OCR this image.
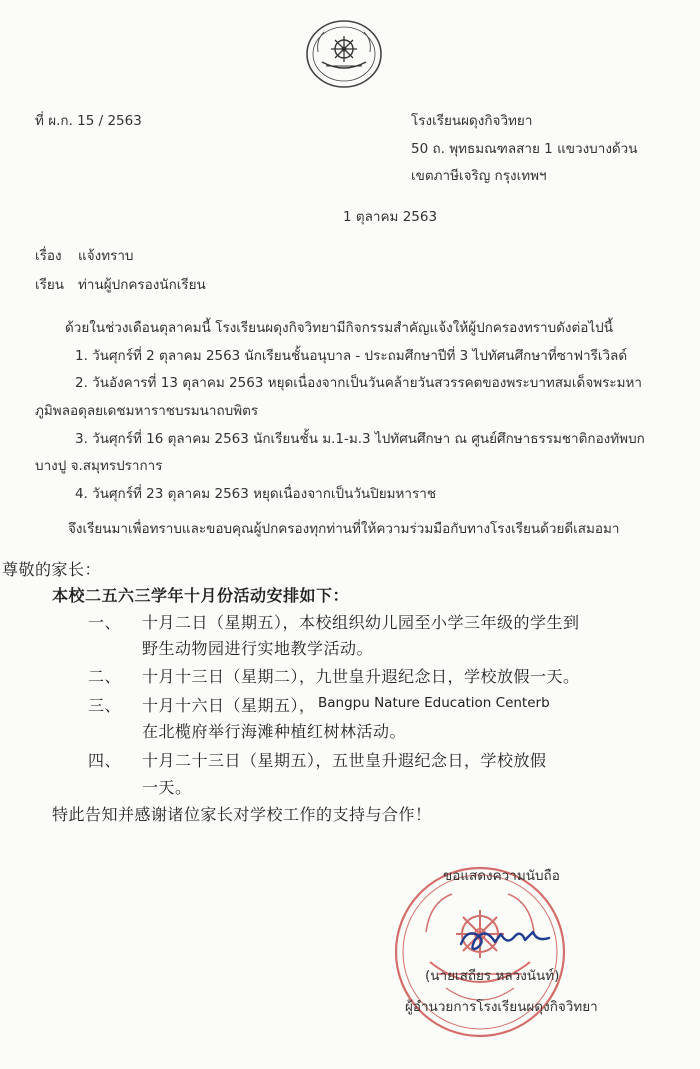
ที่ ผ.ก. 15 / 2563	โรงเรียนผดุงกิจวิทยา
50 ถ. พุทธมณฑลสาย 1 แขวงบางด้วน
เขตภาษีเจริญ กรุงเทพฯ
1 ตุลาคม 2563
เรื่อง แจ้งทราบ
เรียน ท่านผู้ปกครองนักเรียน
ด้วยในช่วงเดือนตุลาคมนี้ โรงเรียนผดุงกิจวิทยามีกิจกรรมสำคัญแจ้งให้ผู้ปกครองทราบดังต่อไปนี้
1. วันศุกร์ที่ 2 ตุลาคม 2563 นักเรียนชั้นอนุบาล - ประถมศึกษาปีที่ 3 ไปทัศนศึกษาที่ซาฟารีเวิลด์
2. วันอังคารที่ 13 ตุลาคม 2563 หยุดเนื่องจากเป็นวันคล้ายวันสวรรคตของพระบาทสมเด็จพระมหา
ภูมิพลอดุลยเดชมหาราชบรมนาถบพิตร
3. วันศุกร์ที่ 16 ตุลาคม 2563 นักเรียนชั้น ม.1-ม.3 ไปทัศนศึกษา ณ ศูนย์ศึกษาธรรมชาติกองทัพบก
บางปู จ.สมุทรปราการ
4. วันศุกร์ที่ 23 ตุลาคม 2563 หยุดเนื่องจากเป็นวันปิยมหาราช
จึงเรียนมาเพื่อทราบและขอบคุณผู้ปกครองทุกท่านที่ให้ความร่วมมือกับทางโรงเรียนด้วยดีเสมอมา
尊敬的家长：
本校二五六三学年十月份活动安排如下：
一、 十月二日（星期五），本校组织幼儿园至小学三年级的学生到
野生动物园进行实地教学活动。
二、 十月十三日（星期二），九世皇升遐纪念日，学校放假一天。
三、 十月十六日（星期五）， Bangpu Nature Education Centerb
在北榄府举行海滩种植红树林活动。
四、 十月二十三日（星期五），五世皇升遐纪念日，学校放假
一天。
特此告知并感谢诸位家长对学校工作的支持与合作！
ขอแสดงความนับถือ
(นายเสถียร หลวงนันท์)
ผู้อำนวยการโรงเรียนผดุงกิจวิทยา
